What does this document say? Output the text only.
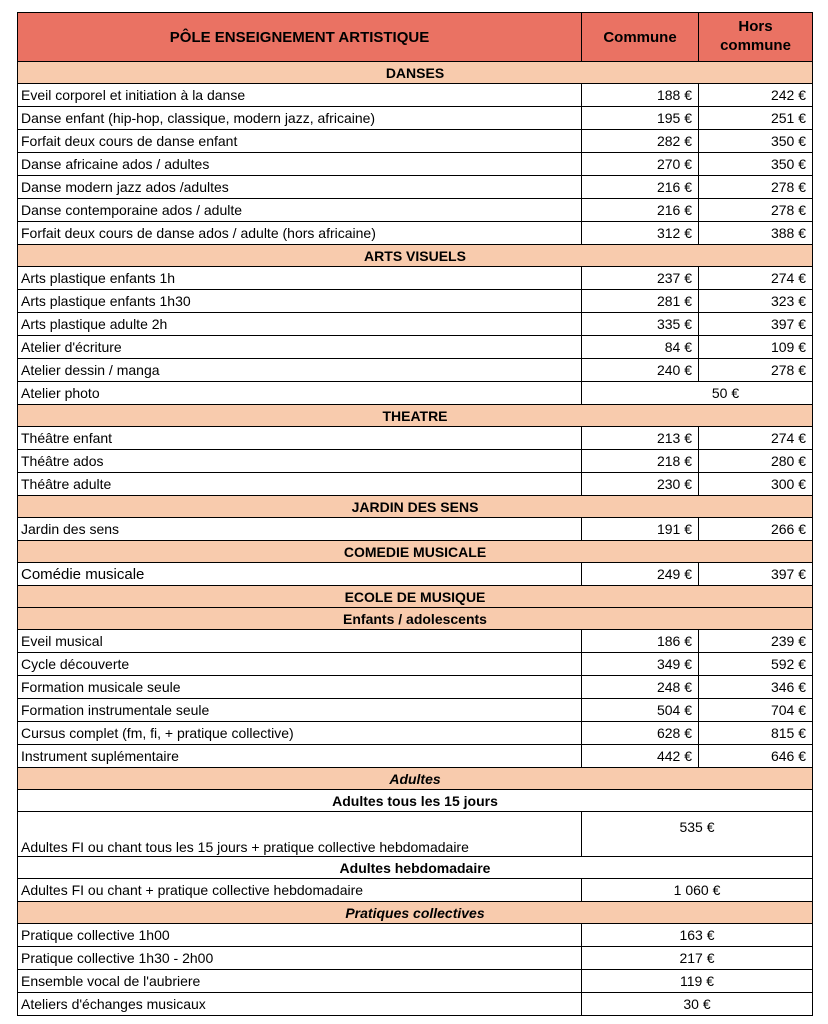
PÔLE ENSEIGNEMENT ARTISTIQUE	Commune	Hors
commune
DANSES		
Eveil corporel et initiation à la danse	188 €	242 €
Danse enfant (hip-hop, classique, modern jazz, africaine)	195 €	251 €
Forfait deux cours de danse enfant	282 €	350 €
Danse africaine ados / adultes	270 €	350 €
Danse modern jazz ados /adultes	216 €	278 €
Danse contemporaine ados / adulte	216 €	278 €
Forfait deux cours de danse ados / adulte (hors africaine)	312 €	388 €
ARTS VISUELS		
Arts plastique enfants 1h	237 €	274 €
Arts plastique enfants 1h30	281 €	323 €
Arts plastique adulte 2h	335 €	397 €
Atelier d'écriture	84 €	109 €
Atelier dessin / manga	240 €	278 €
Atelier photo	50 €	
THEATRE		
Théâtre enfant	213 €	274 €
Théâtre ados	218 €	280 €
Théâtre adulte	230 €	300 €
JARDIN DES SENS		
Jardin des sens	191 €	266 €
COMEDIE MUSICALE		
Comédie musicale	249 €	397 €
ECOLE DE MUSIQUE		
Enfants / adolescents		
Eveil musical	186 €	239 €
Cycle découverte	349 €	592 €
Formation musicale seule	248 €	346 €
Formation instrumentale seule	504 €	704 €
Cursus complet (fm, fi, + pratique collective)	628 €	815 €
Instrument suplémentaire	442 €	646 €
Adultes		
Adultes tous les 15 jours		
Adultes FI ou chant tous les 15 jours + pratique collective hebdomadaire	535 €	
Adultes hebdomadaire		
Adultes FI ou chant + pratique collective hebdomadaire	1 060 €	
Pratiques collectives		
Pratique collective 1h00	163 €	
Pratique collective 1h30 - 2h00	217 €	
Ensemble vocal de l'aubriere	119 €	
Ateliers d'échanges musicaux	30 €	
